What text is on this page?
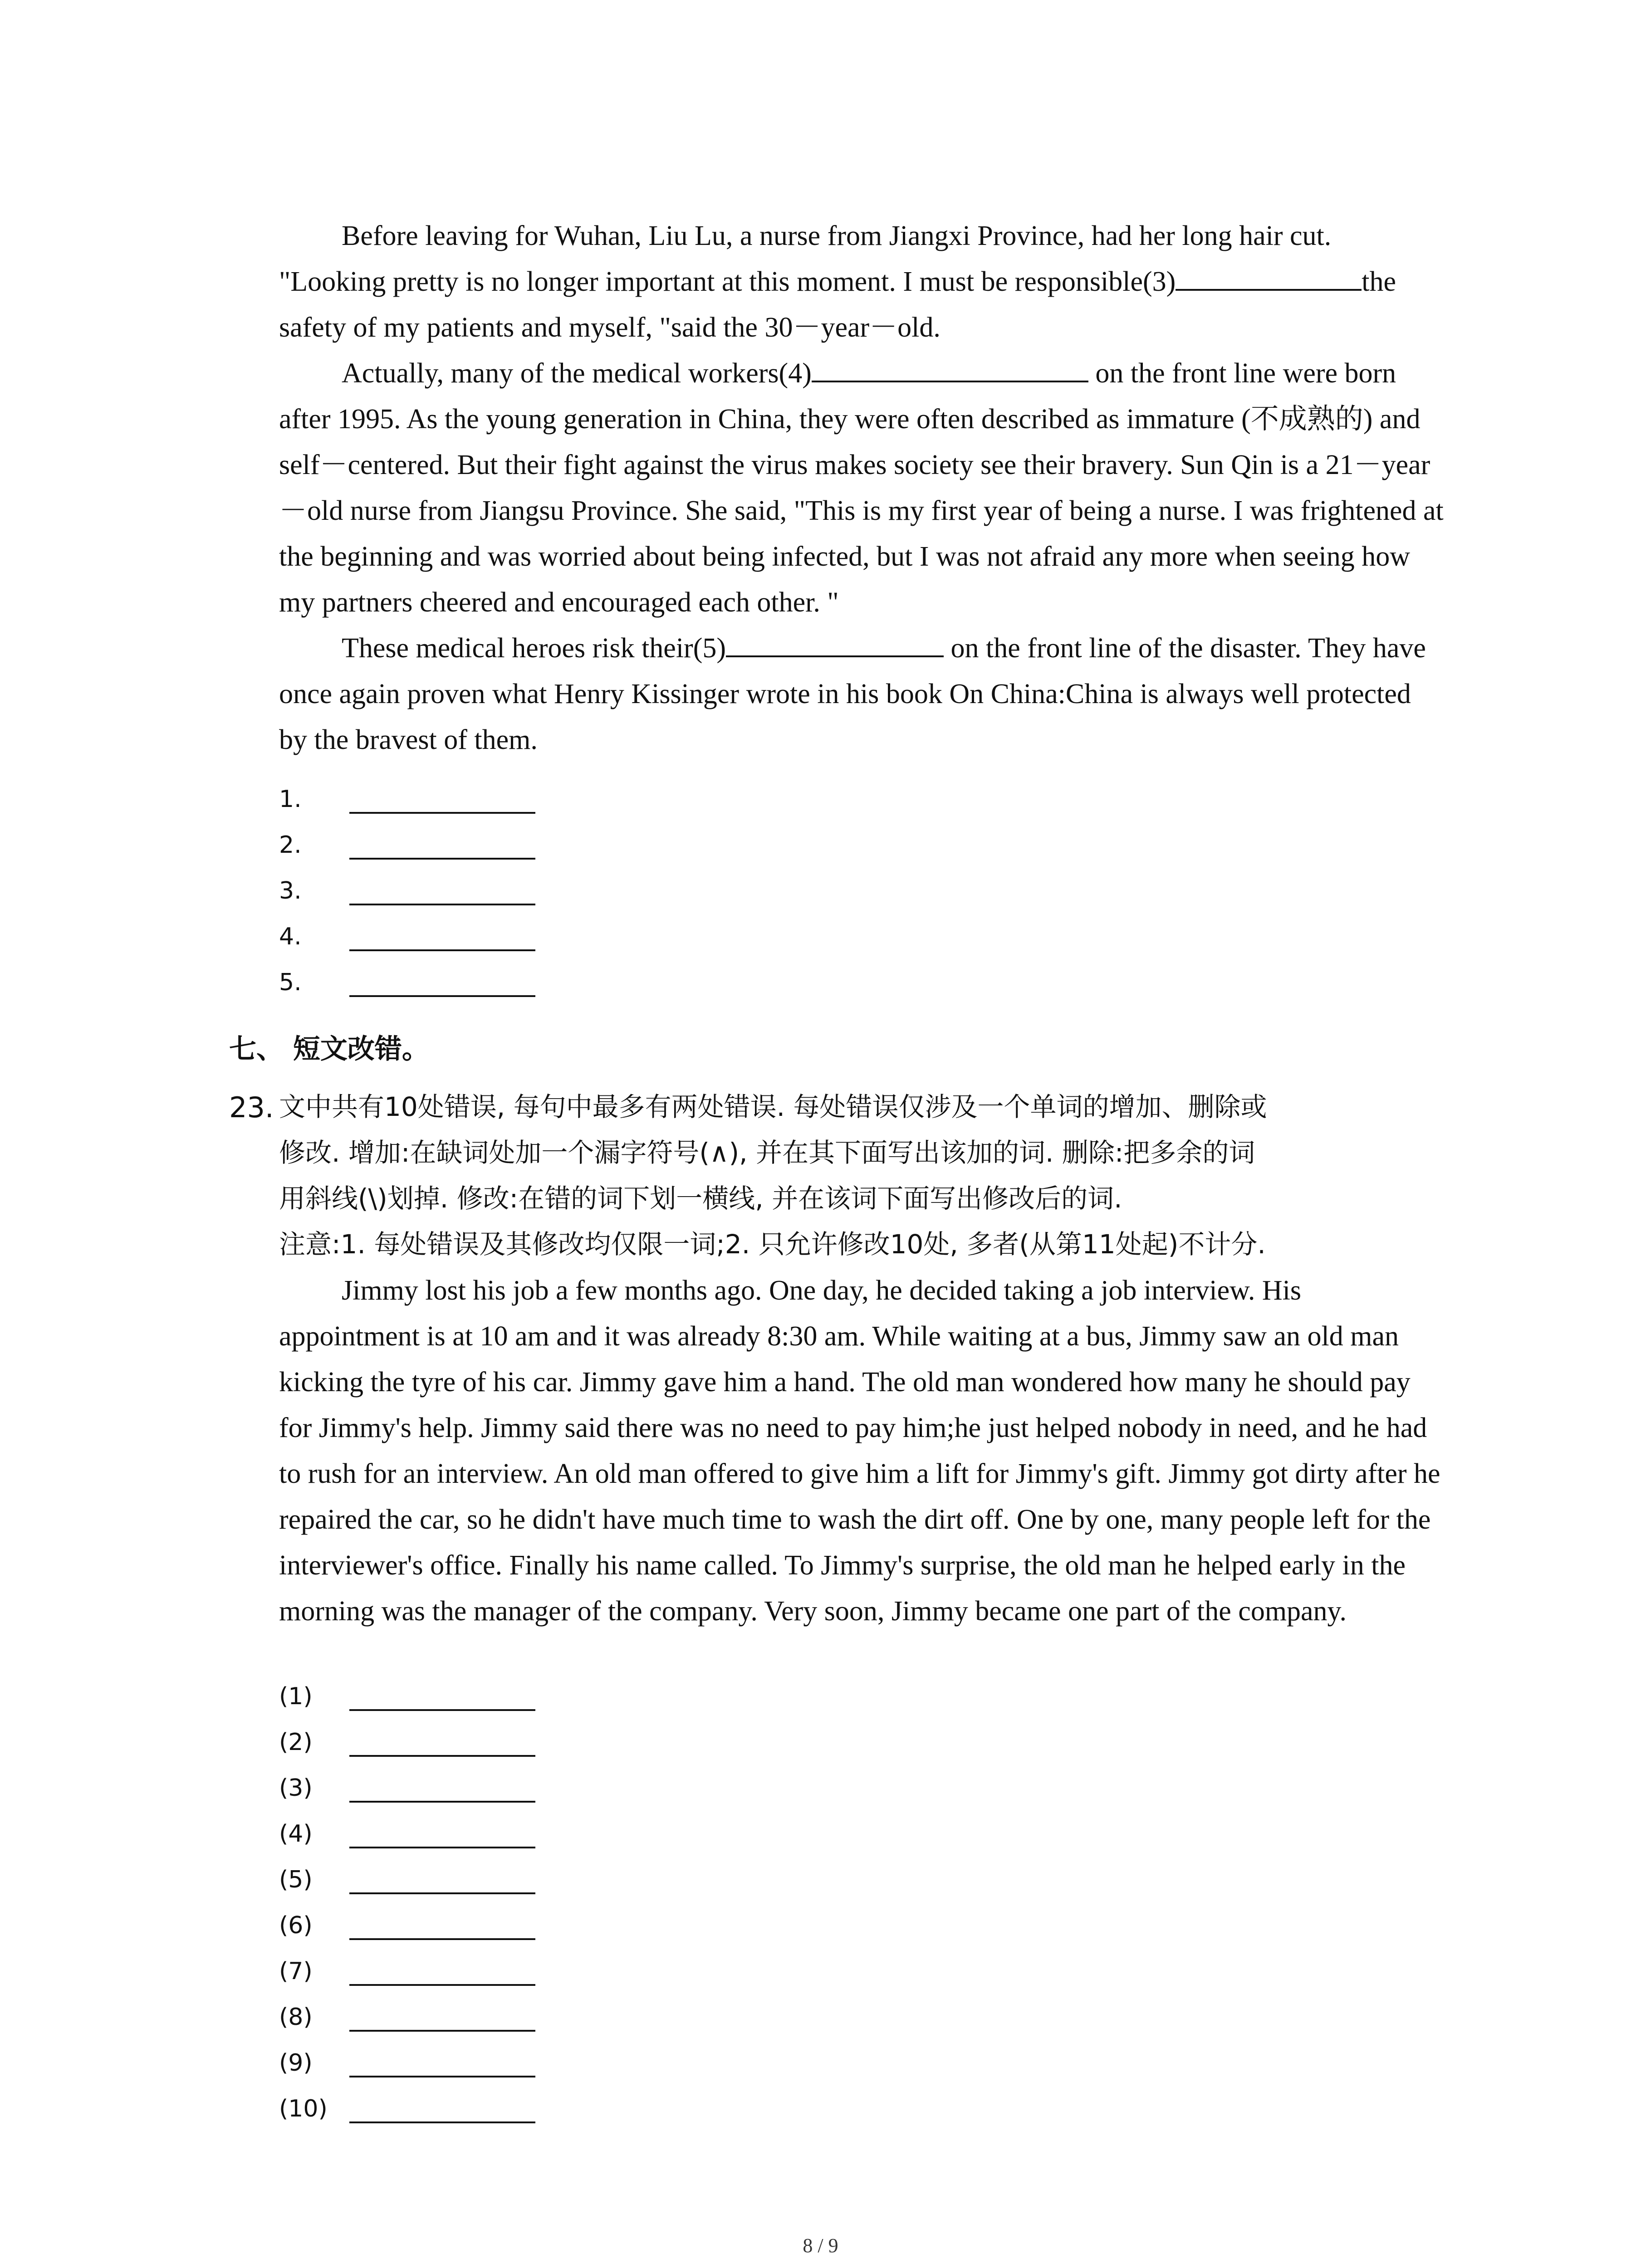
Before leaving for Wuhan, Liu Lu, a nurse from Jiangxi Province, had her long hair cut. "Looking pretty is no longer important at this moment. I must be responsible(3)	the safety of my patients and myself, "said the 30－year－old.

Actually, many of the medical workers(4)	on the front line were born after 1995. As the young generation in China, they were often described as immature (不成熟的) and self－centered. But their fight against the virus makes society see their bravery. Sun Qin is a 21－year－old nurse from Jiangsu Province. She said, "This is my first year of being a nurse. I was frightened at the beginning and was worried about being infected, but I was not afraid any more when seeing how my partners cheered and encouraged each other. "

These medical heroes risk their(5)	on the front line of the disaster. They have once again proven what Henry Kissinger wrote in his book On China:China is always well protected by the bravest of them.

1.
2.
3.
4.
5.
七、 短文改错。
23. 文中共有10处错误, 每句中最多有两处错误. 每处错误仅涉及一个单词的增加、删除或
修改. 增加:在缺词处加一个漏字符号(∧), 并在其下面写出该加的词. 删除:把多余的词
用斜线(\)划掉. 修改:在错的词下划一横线, 并在该词下面写出修改后的词.
注意:1. 每处错误及其修改均仅限一词;2. 只允许修改10处, 多者(从第11处起)不计分.

Jimmy lost his job a few months ago. One day, he decided taking a job interview. His appointment is at 10 am and it was already 8:30 am. While waiting at a bus, Jimmy saw an old man kicking the tyre of his car. Jimmy gave him a hand. The old man wondered how many he should pay for Jimmy's help. Jimmy said there was no need to pay him;he just helped nobody in need, and he had to rush for an interview. An old man offered to give him a lift for Jimmy's gift. Jimmy got dirty after he repaired the car, so he didn't have much time to wash the dirt off. One by one, many people left for the interviewer's office. Finally his name called. To Jimmy's surprise, the old man he helped early in the morning was the manager of the company. Very soon, Jimmy became one part of the company.

(1)
(2)
(3)
(4)
(5)
(6)
(7)
(8)
(9)
(10)
8 / 9
